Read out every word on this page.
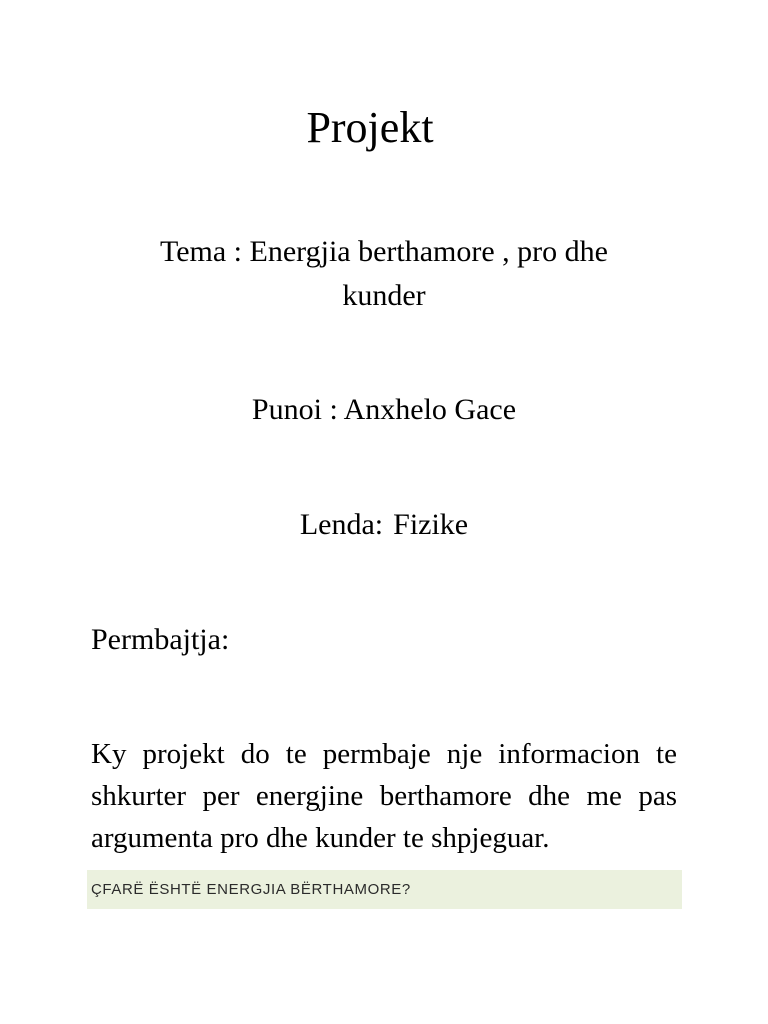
Projekt
Tema : Energjia berthamore , pro dhe kunder
Punoi : Anxhelo Gace
Lenda: Fizike
Permbajtja:
Ky projekt do te permbaje nje informacion te shkurter per energjine berthamore dhe me pas argumenta pro dhe kunder te shpjeguar.
ÇFARË ËSHTË ENERGJIA BËRTHAMORE?
